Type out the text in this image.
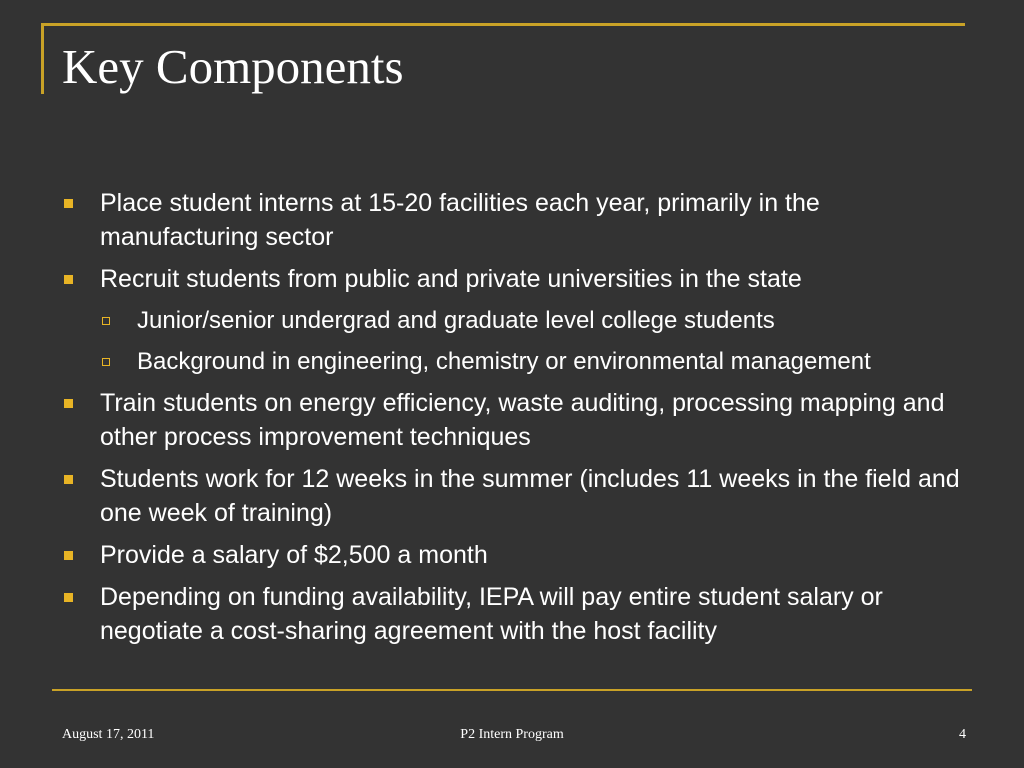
Key Components
Place student interns at 15-20 facilities each year, primarily in the manufacturing sector
Recruit students from public and private universities in the state
Junior/senior undergrad and graduate level college students
Background in engineering, chemistry or environmental management
Train students on energy efficiency, waste auditing, processing mapping and other process improvement techniques
Students work for 12 weeks in the summer (includes 11 weeks in the field and one week of training)
Provide a salary of $2,500 a month
Depending on funding availability, IEPA will pay entire student salary or negotiate a cost-sharing agreement with the host facility
August 17, 2011	P2 Intern Program	4
